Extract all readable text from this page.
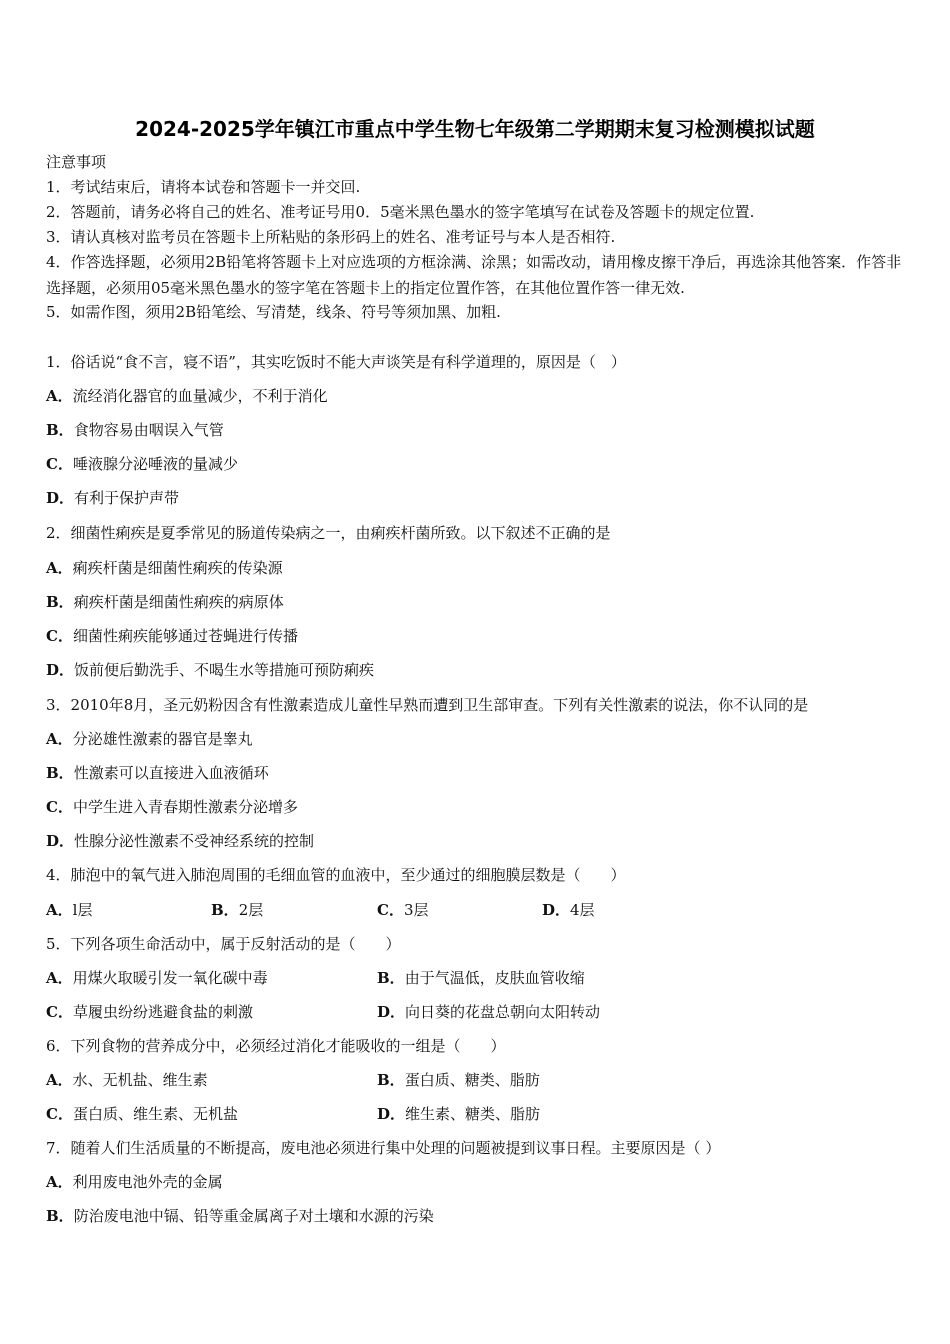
2024-2025学年镇江市重点中学生物七年级第二学期期末复习检测模拟试题
注意事项
1．考试结束后，请将本试卷和答题卡一并交回.
2．答题前，请务必将自己的姓名、准考证号用0．5毫米黑色墨水的签字笔填写在试卷及答题卡的规定位置.
3．请认真核对监考员在答题卡上所粘贴的条形码上的姓名、准考证号与本人是否相符.
4．作答选择题，必须用2B铅笔将答题卡上对应选项的方框涂满、涂黑；如需改动，请用橡皮擦干净后，再选涂其他答案．作答非选择题，必须用05毫米黑色墨水的签字笔在答题卡上的指定位置作答，在其他位置作答一律无效.
5．如需作图，须用2B铅笔绘、写清楚，线条、符号等须加黑、加粗.
1．俗话说“食不言，寝不语”，其实吃饭时不能大声谈笑是有科学道理的，原因是（　）
A．流经消化器官的血量减少，不利于消化
B．食物容易由咽误入气管
C．唾液腺分泌唾液的量减少
D．有利于保护声带
2．细菌性痢疾是夏季常见的肠道传染病之一，由痢疾杆菌所致。以下叙述不正确的是
A．痢疾杆菌是细菌性痢疾的传染源
B．痢疾杆菌是细菌性痢疾的病原体
C．细菌性痢疾能够通过苍蝇进行传播
D．饭前便后勤洗手、不喝生水等措施可预防痢疾
3．2010年8月，圣元奶粉因含有性激素造成儿童性早熟而遭到卫生部审查。下列有关性激素的说法，你不认同的是
A．分泌雄性激素的器官是睾丸
B．性激素可以直接进入血液循环
C．中学生进入青春期性激素分泌增多
D．性腺分泌性激素不受神经系统的控制
4．肺泡中的氧气进入肺泡周围的毛细血管的血液中，至少通过的细胞膜层数是（　　）
A．l层	B．2层	C．3层	D．4层
5．下列各项生命活动中，属于反射活动的是（　　）
A．用煤火取暖引发一氧化碳中毒	B．由于气温低，皮肤血管收缩
C．草履虫纷纷逃避食盐的刺激	D．向日葵的花盘总朝向太阳转动
6．下列食物的营养成分中，必须经过消化才能吸收的一组是（　　）
A．水、无机盐、维生素	B．蛋白质、糖类、脂肪
C．蛋白质、维生素、无机盐	D．维生素、糖类、脂肪
7．随着人们生活质量的不断提高，废电池必须进行集中处理的问题被提到议事日程。主要原因是（ ）
A．利用废电池外壳的金属
B．防治废电池中镉、铅等重金属离子对土壤和水源的污染
